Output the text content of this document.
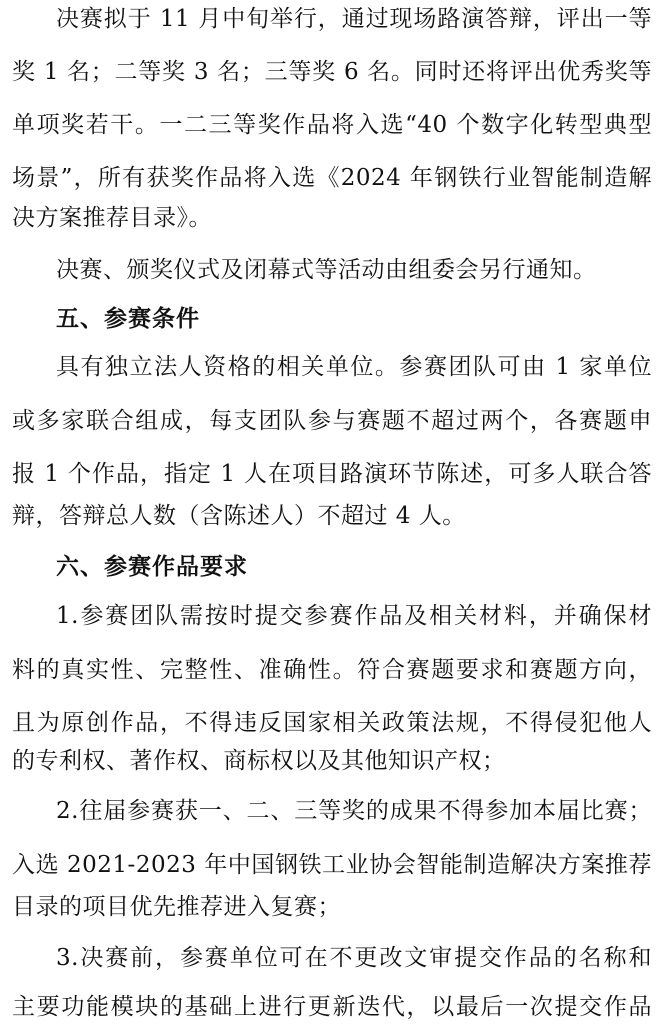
决赛拟于 11 月中旬举行，通过现场路演答辩，评出一等
奖 1 名；二等奖 3 名；三等奖 6 名。同时还将评出优秀奖等
单项奖若干。一二三等奖作品将入选“40 个数字化转型典型
场景”，所有获奖作品将入选《2024 年钢铁行业智能制造解
决方案推荐目录》。
决赛、颁奖仪式及闭幕式等活动由组委会另行通知。
五、参赛条件
具有独立法人资格的相关单位。参赛团队可由 1 家单位
或多家联合组成，每支团队参与赛题不超过两个，各赛题申
报 1 个作品，指定 1 人在项目路演环节陈述，可多人联合答
辩，答辩总人数（含陈述人）不超过 4 人。
六、参赛作品要求
1.参赛团队需按时提交参赛作品及相关材料，并确保材
料的真实性、完整性、准确性。符合赛题要求和赛题方向，
且为原创作品，不得违反国家相关政策法规，不得侵犯他人
的专利权、著作权、商标权以及其他知识产权；
2.往届参赛获一、二、三等奖的成果不得参加本届比赛；
入选 2021-2023 年中国钢铁工业协会智能制造解决方案推荐
目录的项目优先推荐进入复赛；
3.决赛前，参赛单位可在不更改文审提交作品的名称和
主要功能模块的基础上进行更新迭代，以最后一次提交作品
